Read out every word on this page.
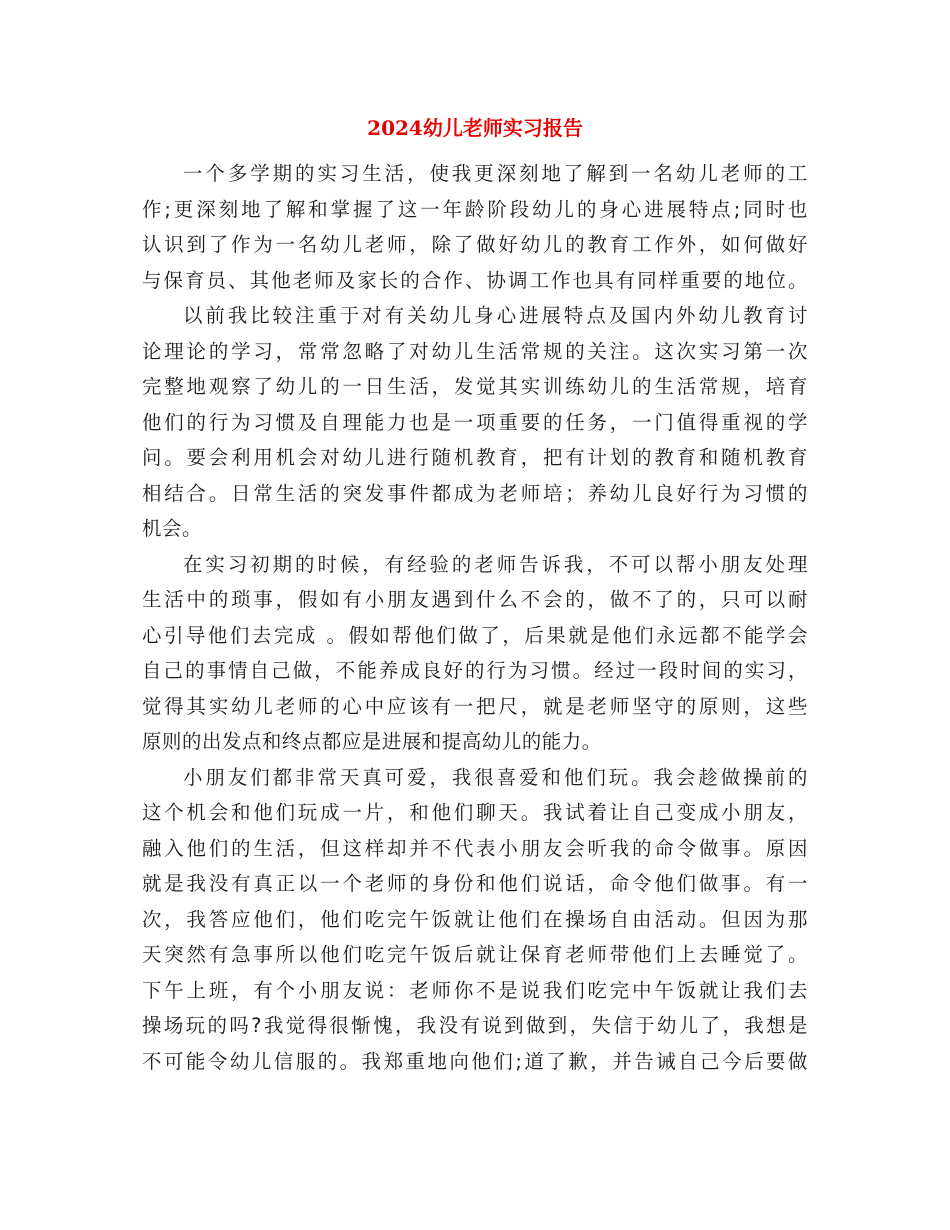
2024幼儿老师实习报告
一个多学期的实习生活，使我更深刻地了解到一名幼儿老师的工
作;更深刻地了解和掌握了这一年龄阶段幼儿的身心进展特点;同时也
认识到了作为一名幼儿老师，除了做好幼儿的教育工作外，如何做好
与保育员、其他老师及家长的合作、协调工作也具有同样重要的地位。
以前我比较注重于对有关幼儿身心进展特点及国内外幼儿教育讨
论理论的学习，常常忽略了对幼儿生活常规的关注。这次实习第一次
完整地观察了幼儿的一日生活，发觉其实训练幼儿的生活常规，培育
他们的行为习惯及自理能力也是一项重要的任务，一门值得重视的学
问。要会利用机会对幼儿进行随机教育，把有计划的教育和随机教育
相结合。日常生活的突发事件都成为老师培；养幼儿良好行为习惯的
机会。
在实习初期的时候，有经验的老师告诉我，不可以帮小朋友处理
生活中的琐事，假如有小朋友遇到什么不会的，做不了的，只可以耐
心引导他们去完成 。假如帮他们做了，后果就是他们永远都不能学会
自己的事情自己做，不能养成良好的行为习惯。经过一段时间的实习，
觉得其实幼儿老师的心中应该有一把尺，就是老师坚守的原则，这些
原则的出发点和终点都应是进展和提高幼儿的能力。
小朋友们都非常天真可爱，我很喜爱和他们玩。我会趁做操前的
这个机会和他们玩成一片，和他们聊天。我试着让自己变成小朋友，
融入他们的生活，但这样却并不代表小朋友会听我的命令做事。原因
就是我没有真正以一个老师的身份和他们说话，命令他们做事。有一
次，我答应他们，他们吃完午饭就让他们在操场自由活动。但因为那
天突然有急事所以他们吃完午饭后就让保育老师带他们上去睡觉了。
下午上班，有个小朋友说：老师你不是说我们吃完中午饭就让我们去
操场玩的吗?我觉得很惭愧，我没有说到做到，失信于幼儿了，我想是
不可能令幼儿信服的。我郑重地向他们;道了歉，并告诫自己今后要做
